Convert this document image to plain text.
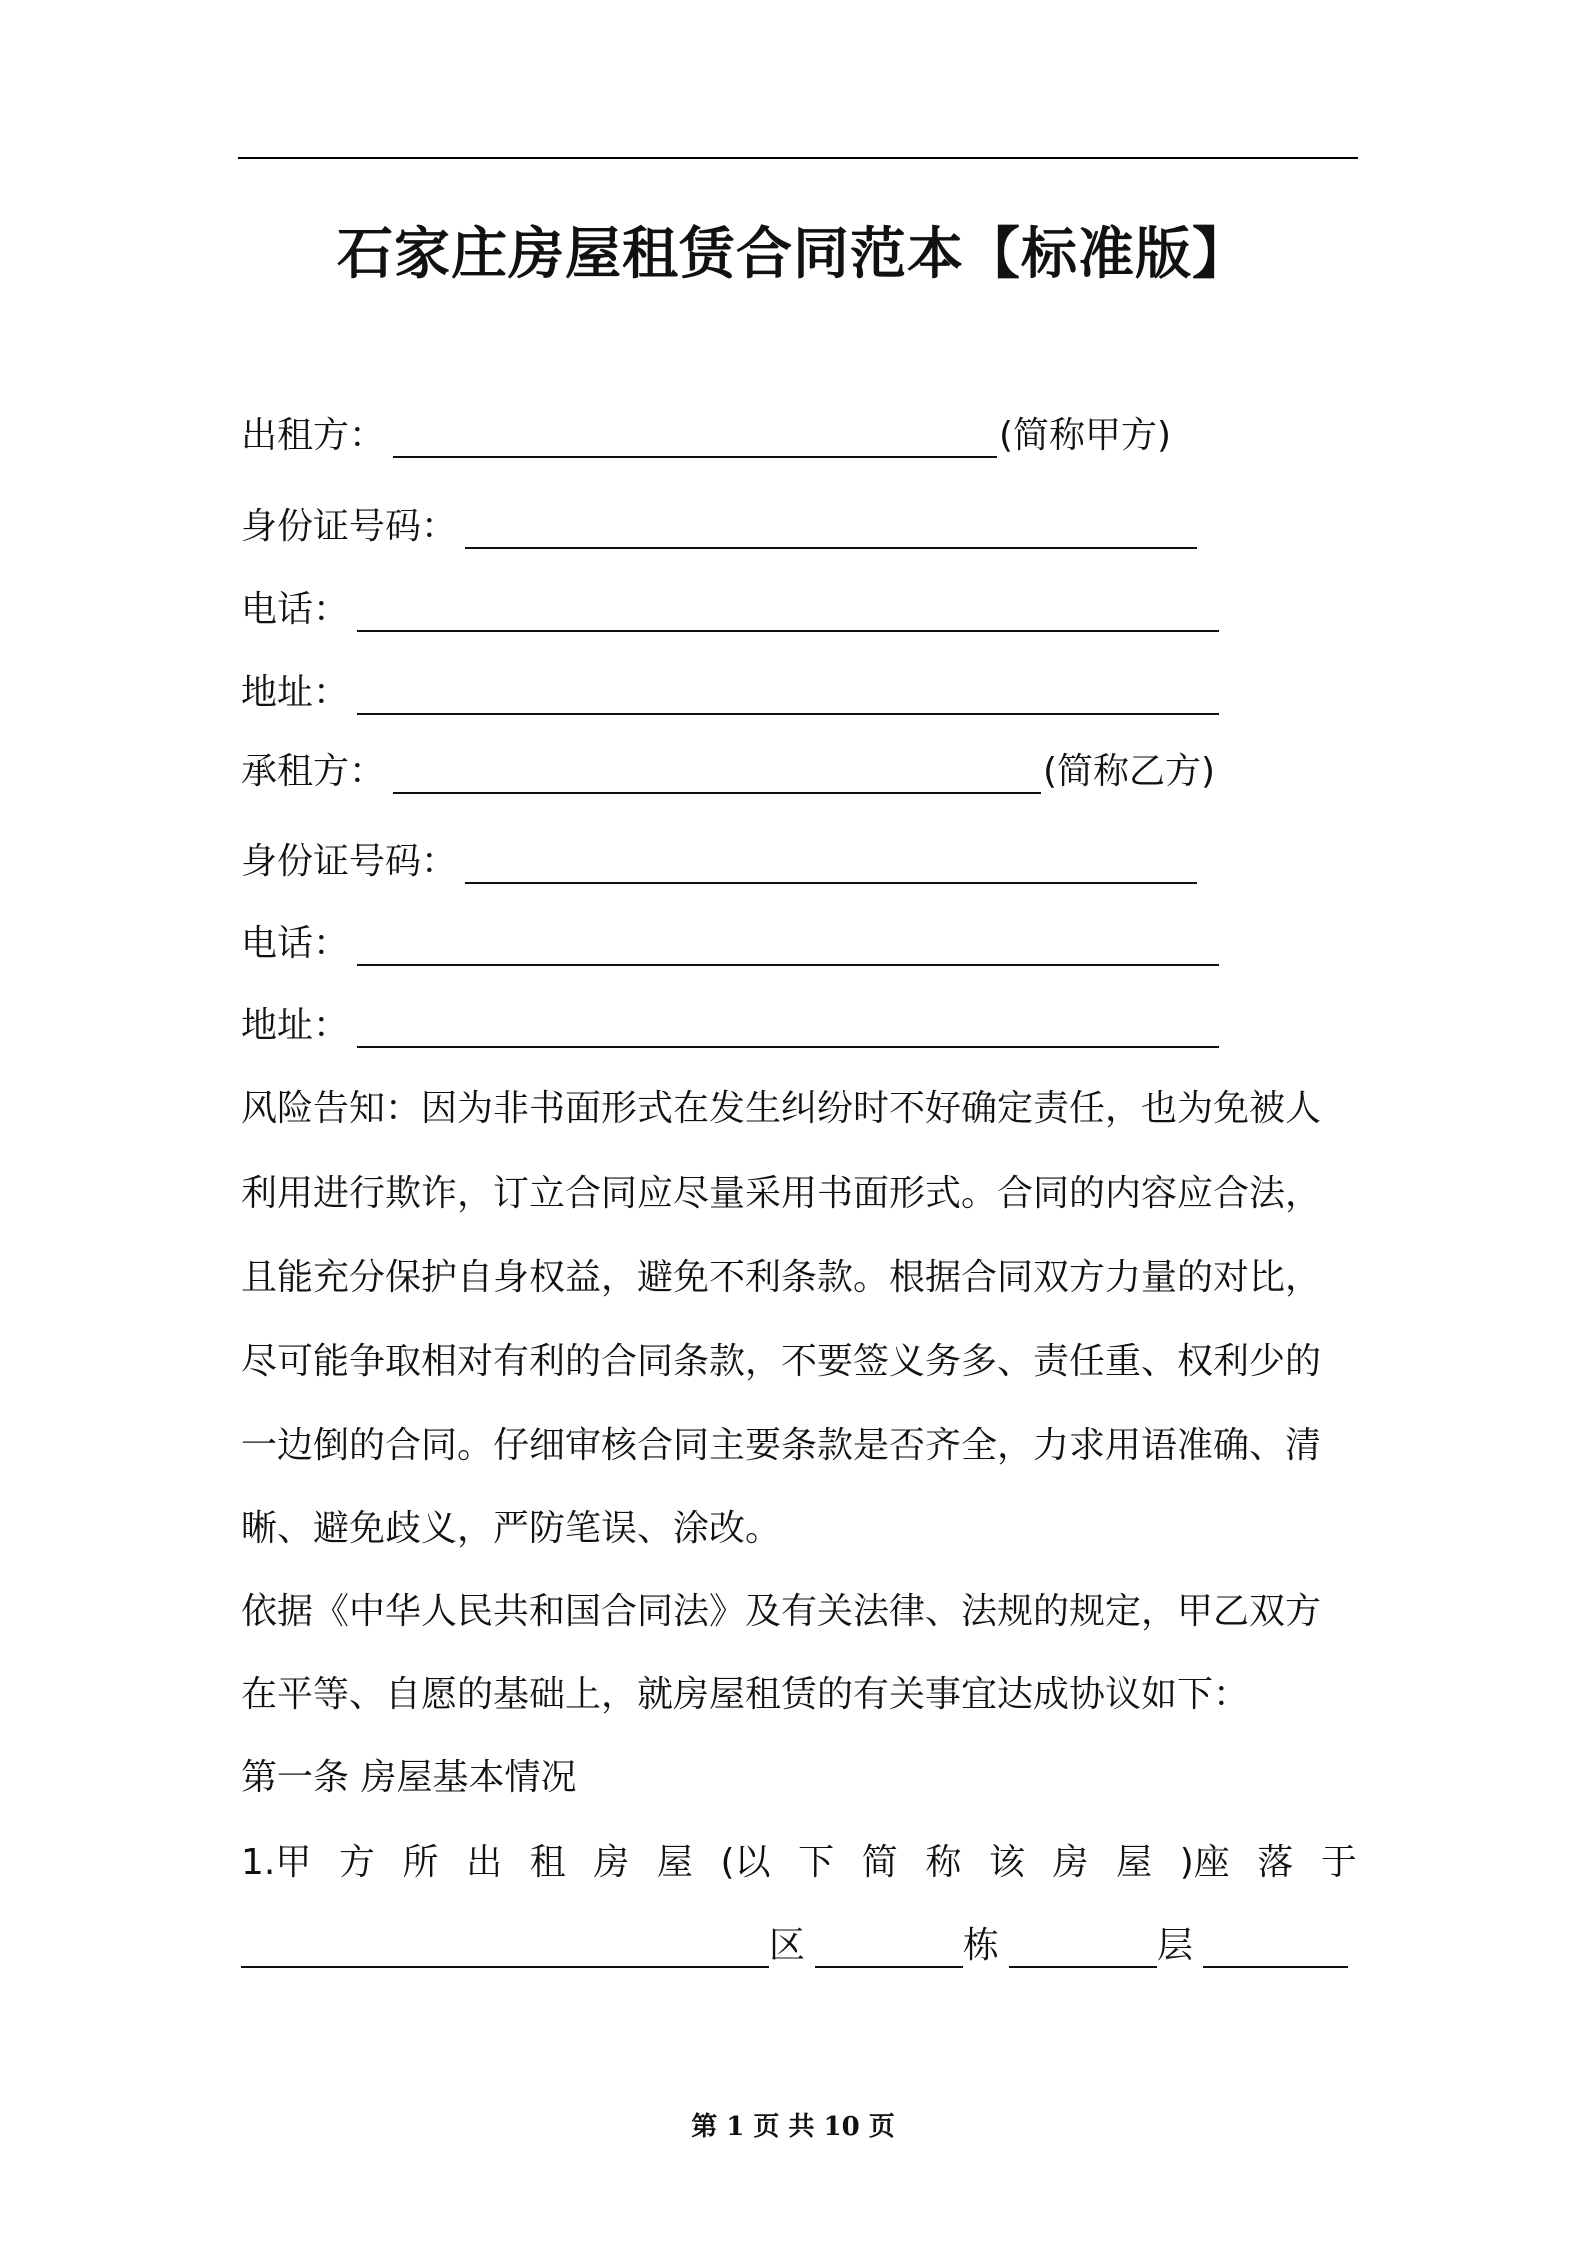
石家庄房屋租赁合同范本【标准版】
出租方：	(简称甲方)
身份证号码：
电话：
地址：
承租方：	(简称乙方)
身份证号码：
电话：
地址：
风险告知：因为非书面形式在发生纠纷时不好确定责任，也为免被人
利用进行欺诈，订立合同应尽量采用书面形式。合同的内容应合法，
且能充分保护自身权益，避免不利条款。根据合同双方力量的对比，
尽可能争取相对有利的合同条款，不要签义务多、责任重、权利少的
一边倒的合同。仔细审核合同主要条款是否齐全，力求用语准确、清
晰、避免歧义，严防笔误、涂改。
依据《中华人民共和国合同法》及有关法律、法规的规定，甲乙双方
在平等、自愿的基础上，就房屋租赁的有关事宜达成协议如下：
第一条 房屋基本情况
1.甲 方 所 出 租 房 屋 (以 下 简 称 该 房 屋 )座 落 于
区	栋	层
第 1 页 共 10 页
